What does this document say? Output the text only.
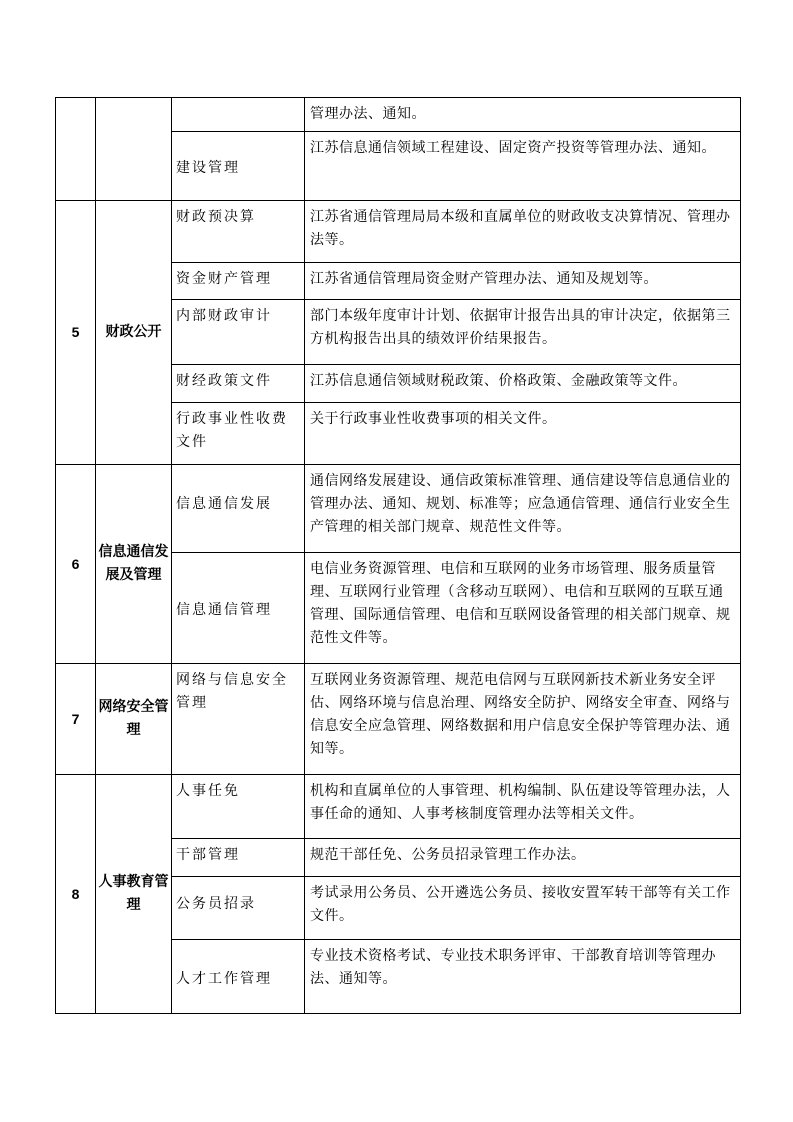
			管理办法、通知。
		建设管理	江苏信息通信领域工程建设、固定资产投资等管理办法、通知。
5	财政公开	财政预决算	江苏省通信管理局局本级和直属单位的财政收支决算情况、管理办法等。
		资金财产管理	江苏省通信管理局资金财产管理办法、通知及规划等。
		内部财政审计	部门本级年度审计计划、依据审计报告出具的审计决定，依据第三方机构报告出具的绩效评价结果报告。
		财经政策文件	江苏信息通信领域财税政策、价格政策、金融政策等文件。
		行政事业性收费文件	关于行政事业性收费事项的相关文件。
6	信息通信发展及管理	信息通信发展	通信网络发展建设、通信政策标准管理、通信建设等信息通信业的管理办法、通知、规划、标准等；应急通信管理、通信行业安全生产管理的相关部门规章、规范性文件等。
		信息通信管理	电信业务资源管理、电信和互联网的业务市场管理、服务质量管理、互联网行业管理（含移动互联网）、电信和互联网的互联互通管理、国际通信管理、电信和互联网设备管理的相关部门规章、规范性文件等。
7	网络安全管理	网络与信息安全管理	互联网业务资源管理、规范电信网与互联网新技术新业务安全评估、网络环境与信息治理、网络安全防护、网络安全审查、网络与信息安全应急管理、网络数据和用户信息安全保护等管理办法、通知等。
8	人事教育管理	人事任免	机构和直属单位的人事管理、机构编制、队伍建设等管理办法，人事任命的通知、人事考核制度管理办法等相关文件。
		干部管理	规范干部任免、公务员招录管理工作办法。
		公务员招录	考试录用公务员、公开遴选公务员、接收安置军转干部等有关工作文件。
		人才工作管理	专业技术资格考试、专业技术职务评审、干部教育培训等管理办法、通知等。
